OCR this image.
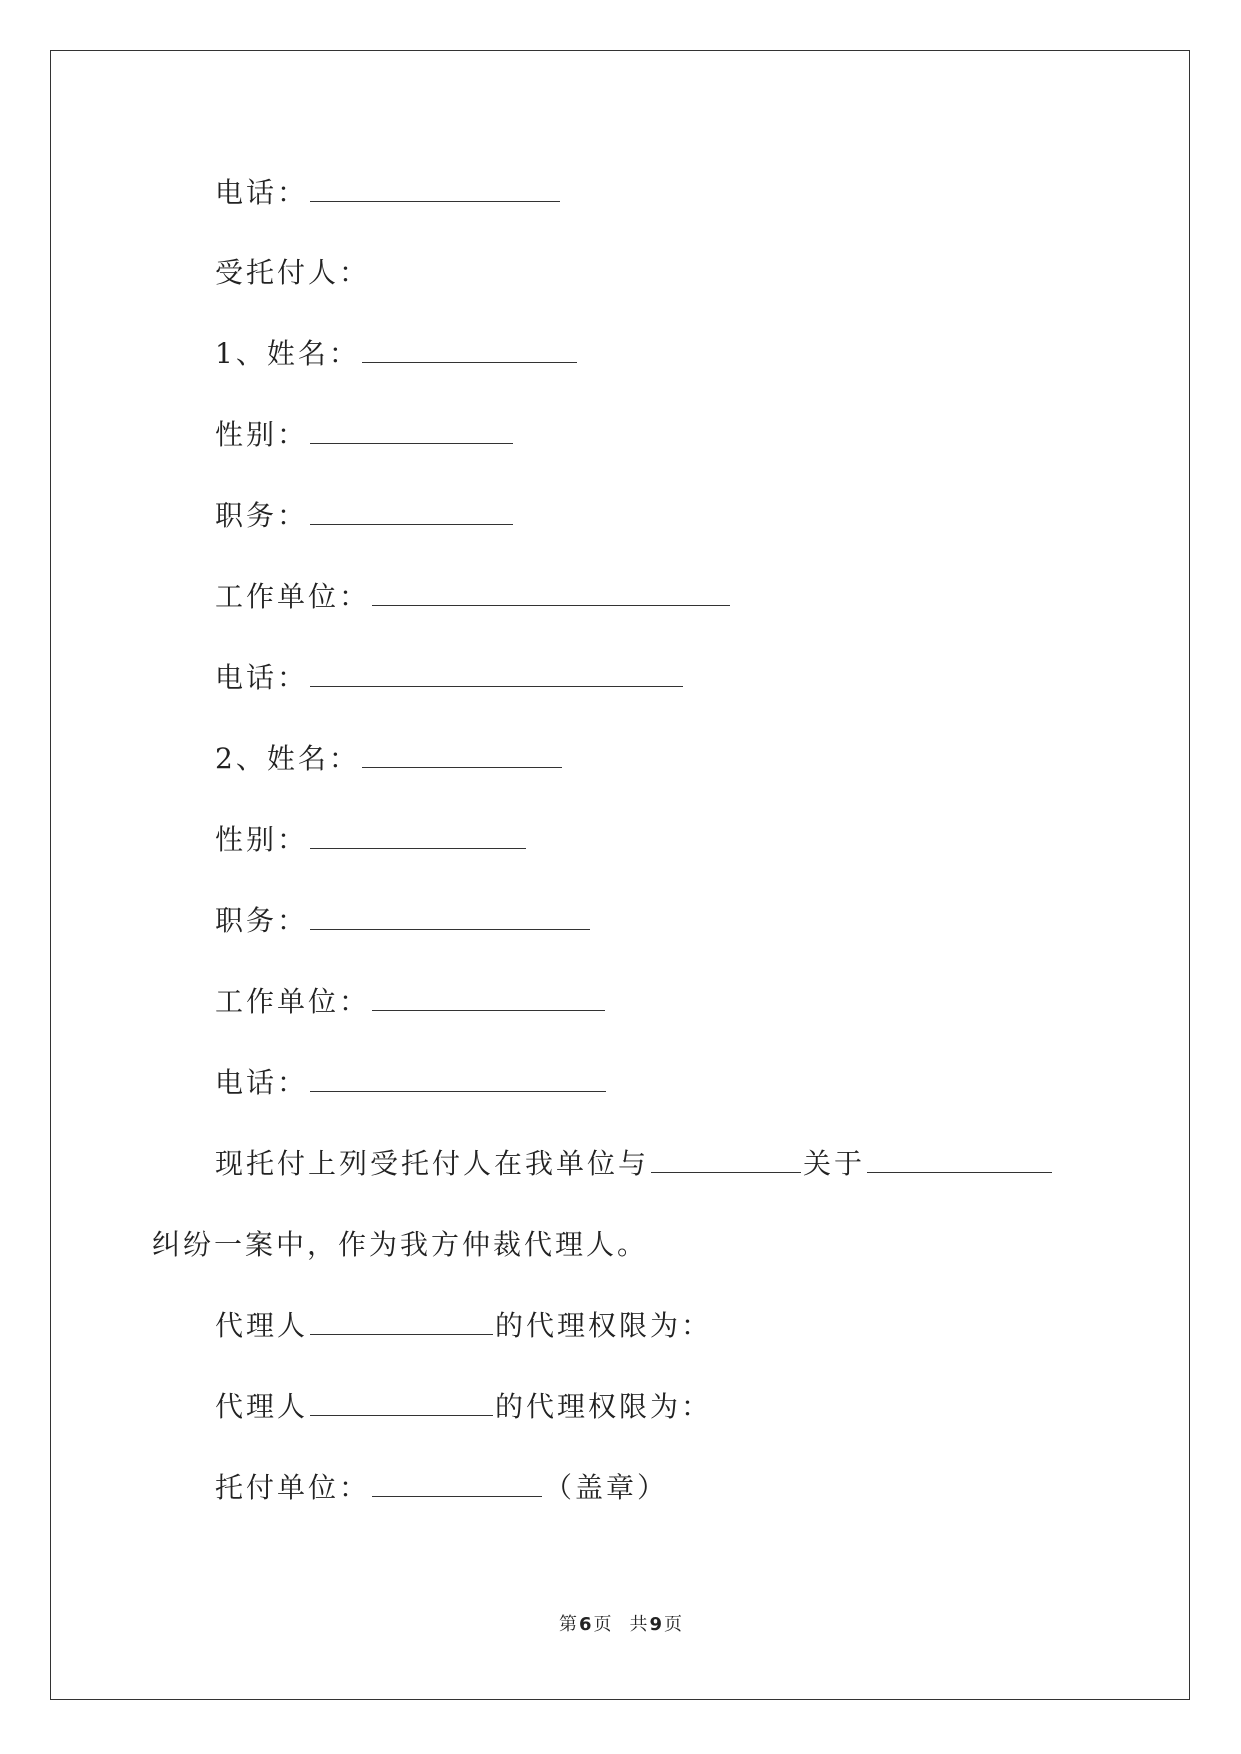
电话：
受托付人：
1、姓名：
性别：
职务：
工作单位：
电话：
2、姓名：
性别：
职务：
工作单位：
电话：
现托付上列受托付人在我单位与	关于
纠纷一案中，作为我方仲裁代理人。
代理人	的代理权限为：
代理人	的代理权限为：
托付单位：	（盖章）
第 6 页 共 9 页
